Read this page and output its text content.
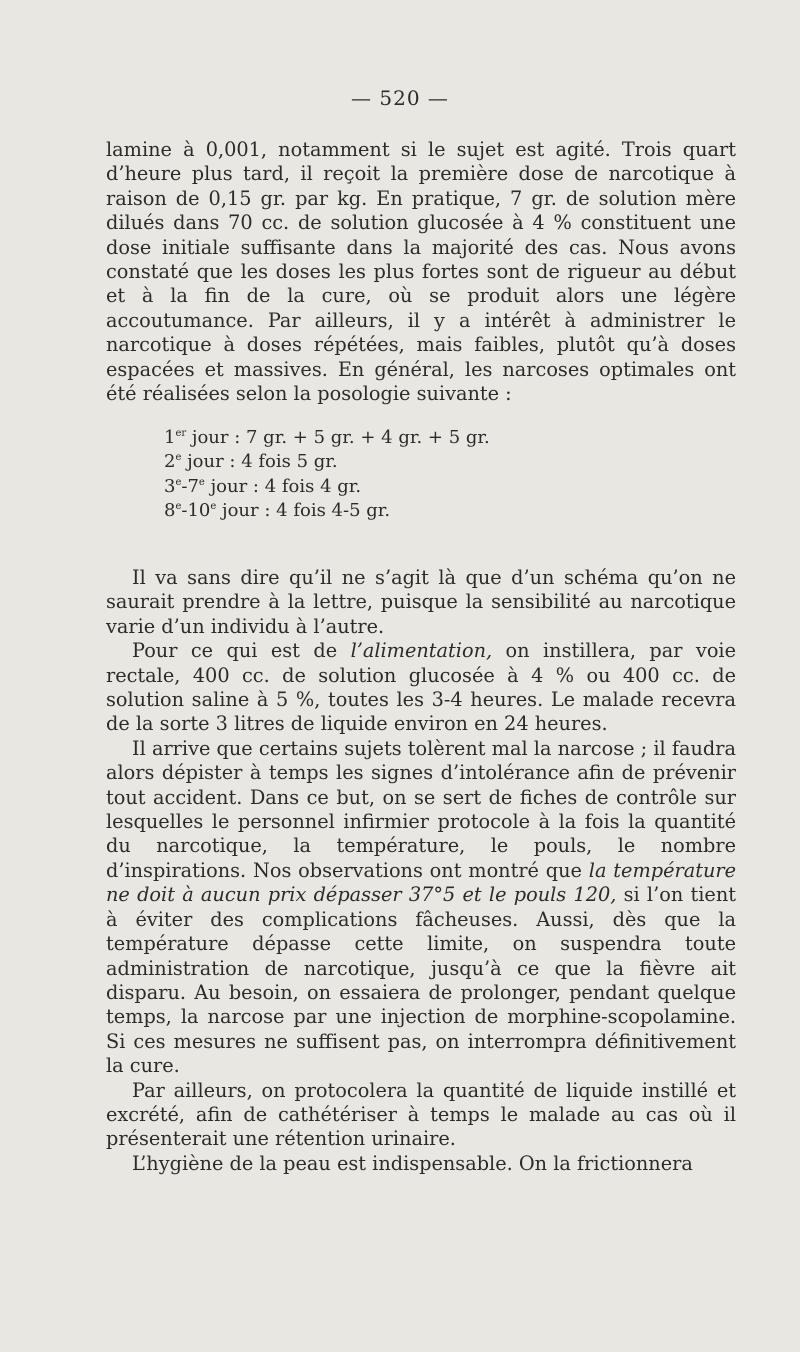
— 520 —

lamine à 0,001, notamment si le sujet est agité. Trois quart d’heure plus tard, il reçoit la première dose de narcotique à raison de 0,15 gr. par kg. En pratique, 7 gr. de solution mère dilués dans 70 cc. de solution glucosée à 4 % constituent une dose initiale suffisante dans la majorité des cas. Nous avons constaté que les doses les plus fortes sont de rigueur au début et à la fin de la cure, où se produit alors une légère accoutumance. Par ailleurs, il y a intérêt à administrer le narcotique à doses répétées, mais faibles, plutôt qu’à doses espacées et massives. En général, les narcoses optimales ont été réalisées selon la posologie suivante :

1er jour : 7 gr. + 5 gr. + 4 gr. + 5 gr.
2e jour : 4 fois 5 gr.
3e-7e jour : 4 fois 4 gr.
8e-10e jour : 4 fois 4-5 gr.

Il va sans dire qu’il ne s’agit là que d’un schéma qu’on ne saurait prendre à la lettre, puisque la sensibilité au narcotique varie d’un individu à l’autre.

Pour ce qui est de l’alimentation, on instillera, par voie rectale, 400 cc. de solution glucosée à 4 % ou 400 cc. de solution saline à 5 %, toutes les 3-4 heures. Le malade recevra de la sorte 3 litres de liquide environ en 24 heures.

Il arrive que certains sujets tolèrent mal la narcose ; il faudra alors dépister à temps les signes d’intolérance afin de prévenir tout accident. Dans ce but, on se sert de fiches de contrôle sur lesquelles le personnel infirmier protocole à la fois la quantité du narcotique, la température, le pouls, le nombre d’inspirations. Nos observations ont montré que la température ne doit à aucun prix dépasser 37°5 et le pouls 120, si l’on tient à éviter des complications fâcheuses. Aussi, dès que la température dépasse cette limite, on suspendra toute administration de narcotique, jusqu’à ce que la fièvre ait disparu. Au besoin, on essaiera de prolonger, pendant quelque temps, la narcose par une injection de morphine-scopolamine. Si ces mesures ne suffisent pas, on interrompra définitivement la cure.

Par ailleurs, on protocolera la quantité de liquide instillé et excrété, afin de cathétériser à temps le malade au cas où il présenterait une rétention urinaire.

L’hygiène de la peau est indispensable. On la frictionnera
